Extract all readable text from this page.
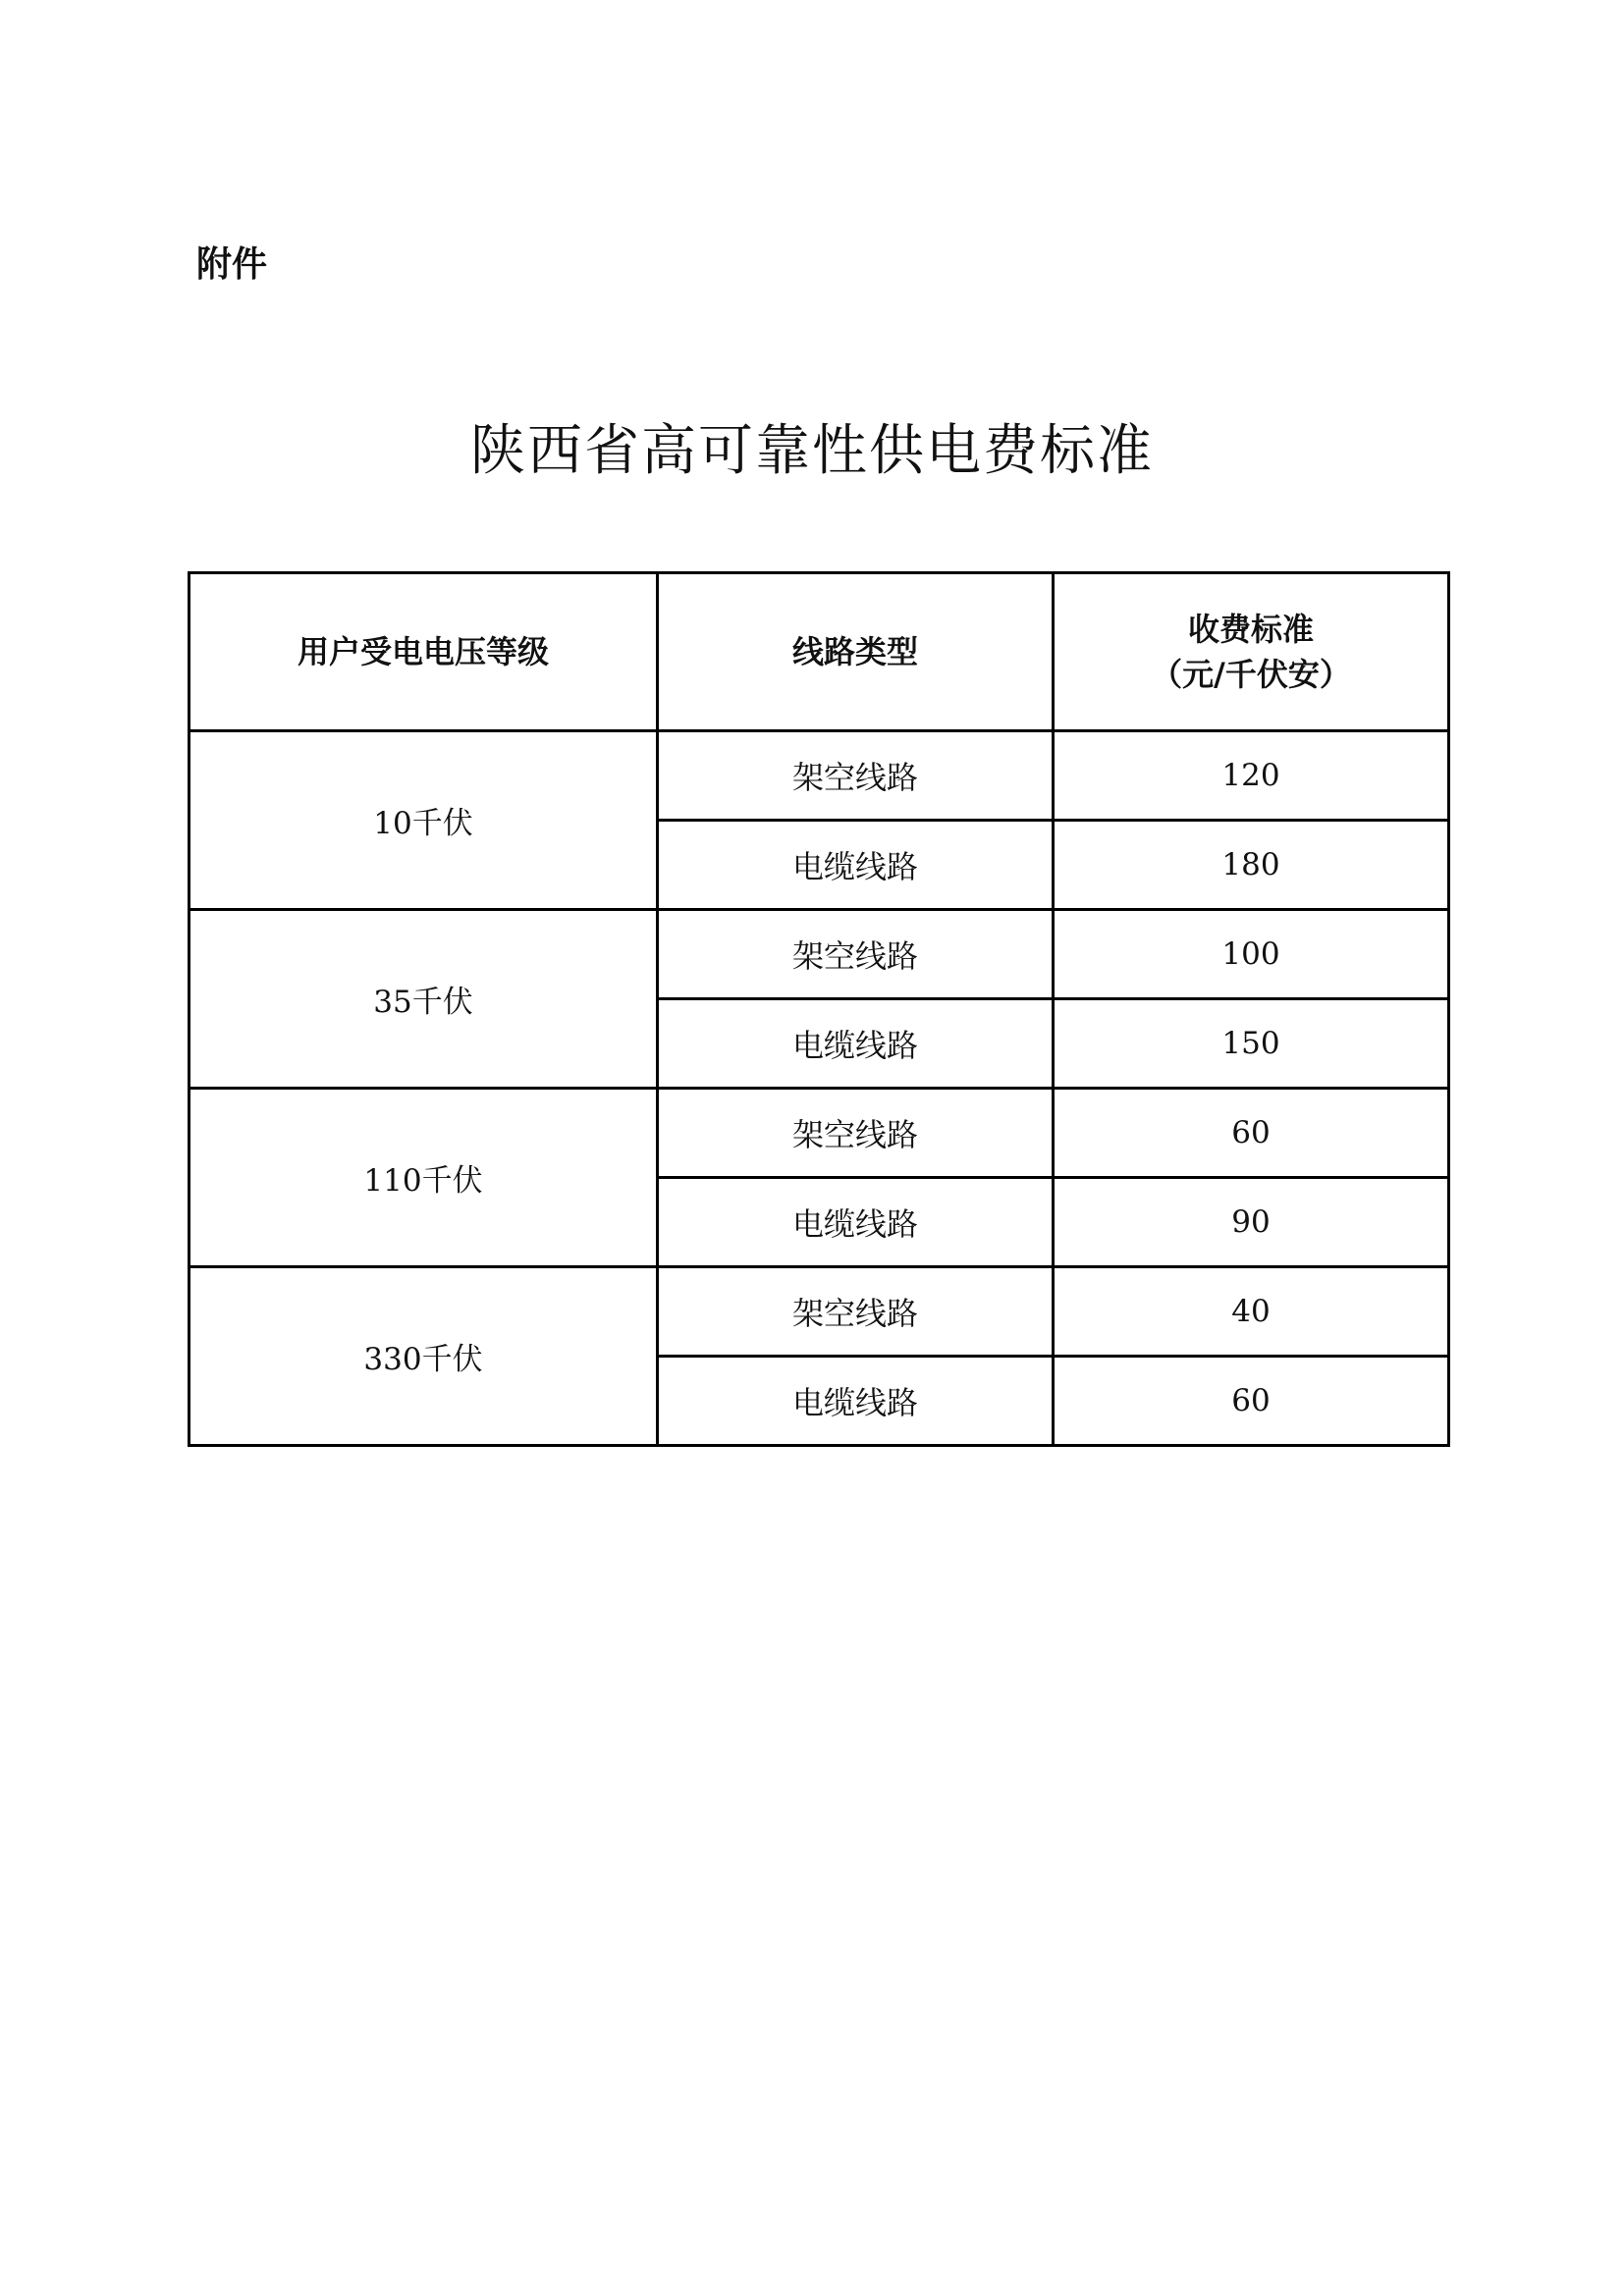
附件
陕西省高可靠性供电费标准
用户受电电压等级	线路类型	收费标准
（元/千伏安）

10千伏	架空线路	120
	电缆线路	180
35千伏	架空线路	100
	电缆线路	150
110千伏	架空线路	60
	电缆线路	90
330千伏	架空线路	40
	电缆线路	60
